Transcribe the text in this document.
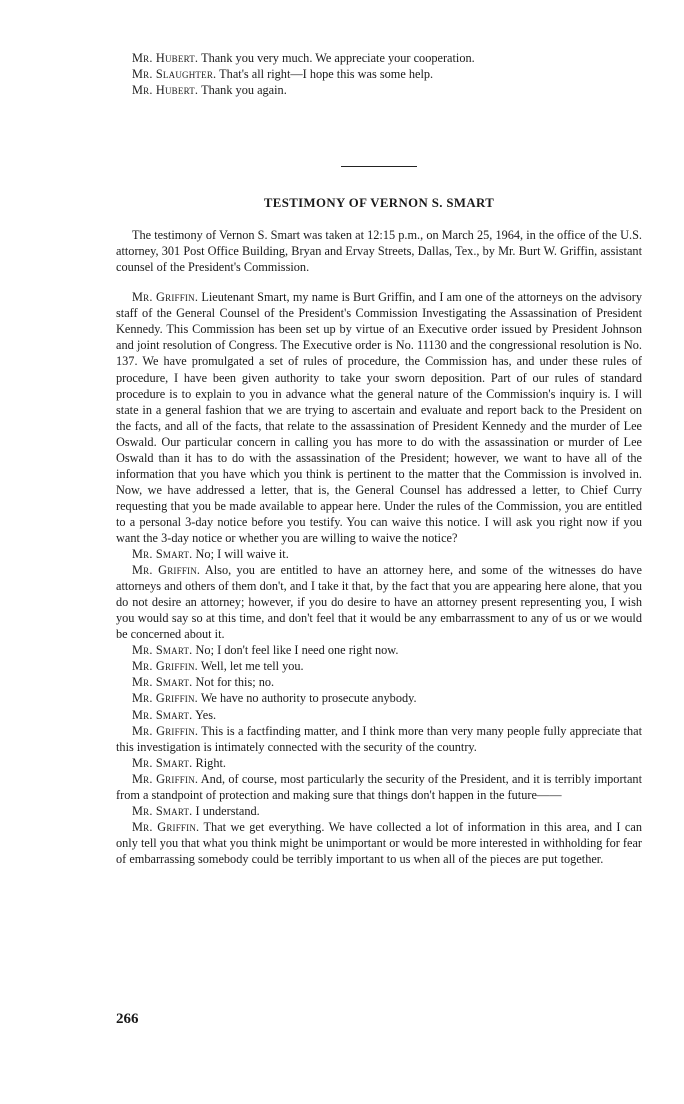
Mr. Hubert. Thank you very much. We appreciate your cooperation.

Mr. Slaughter. That's all right—I hope this was some help.

Mr. Hubert. Thank you again.

TESTIMONY OF VERNON S. SMART

The testimony of Vernon S. Smart was taken at 12:15 p.m., on March 25, 1964, in the office of the U.S. attorney, 301 Post Office Building, Bryan and Ervay Streets, Dallas, Tex., by Mr. Burt W. Griffin, assistant counsel of the President's Commission.

Mr. Griffin. Lieutenant Smart, my name is Burt Griffin, and I am one of the attorneys on the advisory staff of the General Counsel of the President's Commission Investigating the Assassination of President Kennedy. This Commission has been set up by virtue of an Executive order issued by President Johnson and joint resolution of Congress. The Executive order is No. 11130 and the congressional resolution is No. 137. We have promulgated a set of rules of procedure, the Commission has, and under these rules of procedure, I have been given authority to take your sworn deposition. Part of our rules of standard procedure is to explain to you in advance what the general nature of the Commission's inquiry is. I will state in a general fashion that we are trying to ascertain and evaluate and report back to the President on the facts, and all of the facts, that relate to the assassination of President Kennedy and the murder of Lee Oswald. Our particular concern in calling you has more to do with the assassination or murder of Lee Oswald than it has to do with the assassination of the President; however, we want to have all of the information that you have which you think is pertinent to the matter that the Commission is involved in. Now, we have addressed a letter, that is, the General Counsel has addressed a letter, to Chief Curry requesting that you be made available to appear here. Under the rules of the Commission, you are entitled to a personal 3-day notice before you testify. You can waive this notice. I will ask you right now if you want the 3-day notice or whether you are willing to waive the notice?

Mr. Smart. No; I will waive it.

Mr. Griffin. Also, you are entitled to have an attorney here, and some of the witnesses do have attorneys and others of them don't, and I take it that, by the fact that you are appearing here alone, that you do not desire an attorney; however, if you do desire to have an attorney present representing you, I wish you would say so at this time, and don't feel that it would be any embarrassment to any of us or we would be concerned about it.

Mr. Smart. No; I don't feel like I need one right now.

Mr. Griffin. Well, let me tell you.

Mr. Smart. Not for this; no.

Mr. Griffin. We have no authority to prosecute anybody.

Mr. Smart. Yes.

Mr. Griffin. This is a factfinding matter, and I think more than very many people fully appreciate that this investigation is intimately connected with the security of the country.

Mr. Smart. Right.

Mr. Griffin. And, of course, most particularly the security of the President, and it is terribly important from a standpoint of protection and making sure that things don't happen in the future——

Mr. Smart. I understand.

Mr. Griffin. That we get everything. We have collected a lot of information in this area, and I can only tell you that what you think might be unimportant or would be more interested in withholding for fear of embarrassing somebody could be terribly important to us when all of the pieces are put together.

266
